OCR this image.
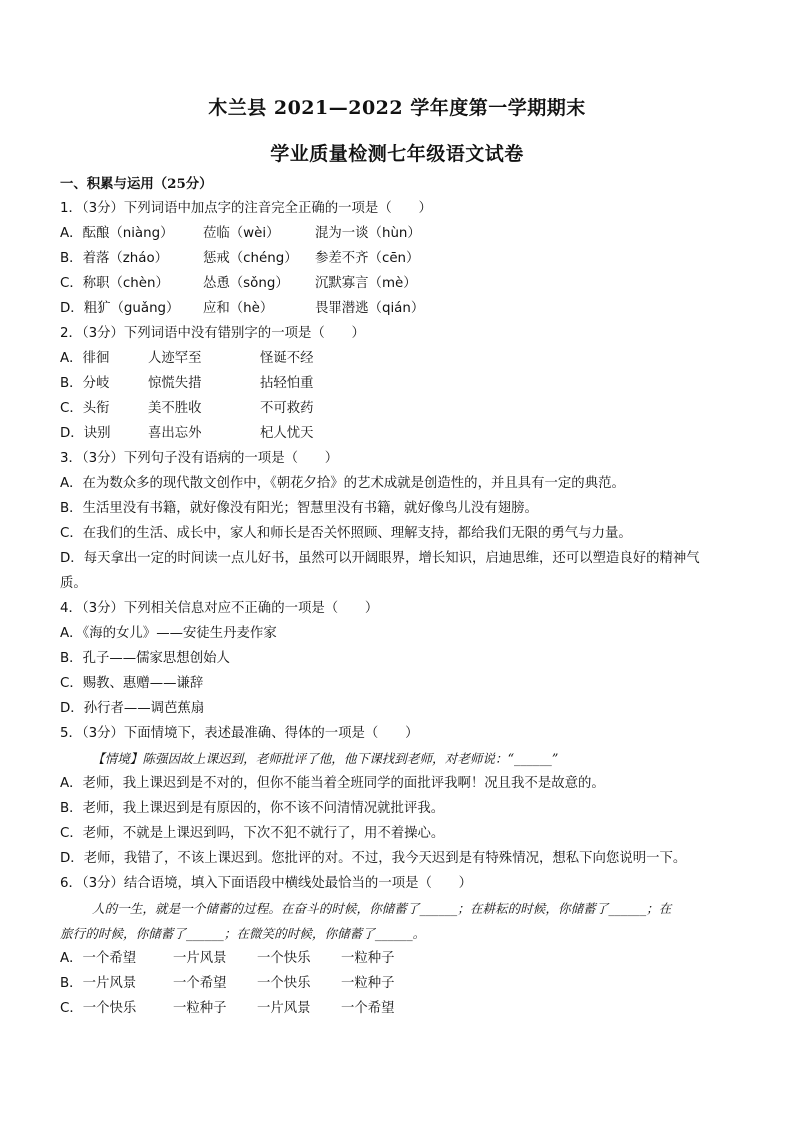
木兰县 2021—2022 学年度第一学期期末
学业质量检测七年级语文试卷
一、积累与运用（25分）
1．（3分）下列词语中加点字的注音完全正确的一项是（　　）
A．酝酿（niàng）	莅临（wèi）	混为一谈（hùn）
B．着落（zháo）	惩戒（chéng）	参差不齐（cēn）
C．称职（chèn）	怂恿（sǒng）	沉默寡言（mè）
D．粗犷（guǎng）	应和（hè）	畏罪潜逃（qián）
2．（3分）下列词语中没有错别字的一项是（　　）
A．徘徊	人迹罕至	怪诞不经
B．分岐	惊慌失措	拈轻怕重
C．头衔	美不胜收	不可救药
D．诀别	喜出忘外	杞人忧天
3．（3分）下列句子没有语病的一项是（　　）
A．在为数众多的现代散文创作中，《朝花夕拾》的艺术成就是创造性的，并且具有一定的典范。
B．生活里没有书籍，就好像没有阳光；智慧里没有书籍，就好像鸟儿没有翅膀。
C．在我们的生活、成长中，家人和师长是否关怀照顾、理解支持，都给我们无限的勇气与力量。
D．每天拿出一定的时间读一点儿好书，虽然可以开阔眼界，增长知识，启迪思维，还可以塑造良好的精神气
质。
4．（3分）下列相关信息对应不正确的一项是（　　）
A．《海的女儿》——安徒生丹麦作家
B．孔子——儒家思想创始人
C．赐教、惠赠——谦辞
D．孙行者——调芭蕉扇
5．（3分）下面情境下，表述最准确、得体的一项是（　　）
【情境】陈强因故上课迟到，老师批评了他，他下课找到老师，对老师说：“______”
A．老师，我上课迟到是不对的，但你不能当着全班同学的面批评我啊！况且我不是故意的。
B．老师，我上课迟到是有原因的，你不该不问清情况就批评我。
C．老师，不就是上课迟到吗，下次不犯不就行了，用不着操心。
D．老师，我错了，不该上课迟到。您批评的对。不过，我今天迟到是有特殊情况，想私下向您说明一下。
6．（3分）结合语境，填入下面语段中横线处最恰当的一项是（　　）
人的一生，就是一个储蓄的过程。在奋斗的时候，你储蓄了______；在耕耘的时候，你储蓄了______；在
旅行的时候，你储蓄了______；在微笑的时候，你储蓄了______。
A．一个希望	一片风景	一个快乐	一粒种子
B．一片风景	一个希望	一个快乐	一粒种子
C．一个快乐	一粒种子	一片风景	一个希望
